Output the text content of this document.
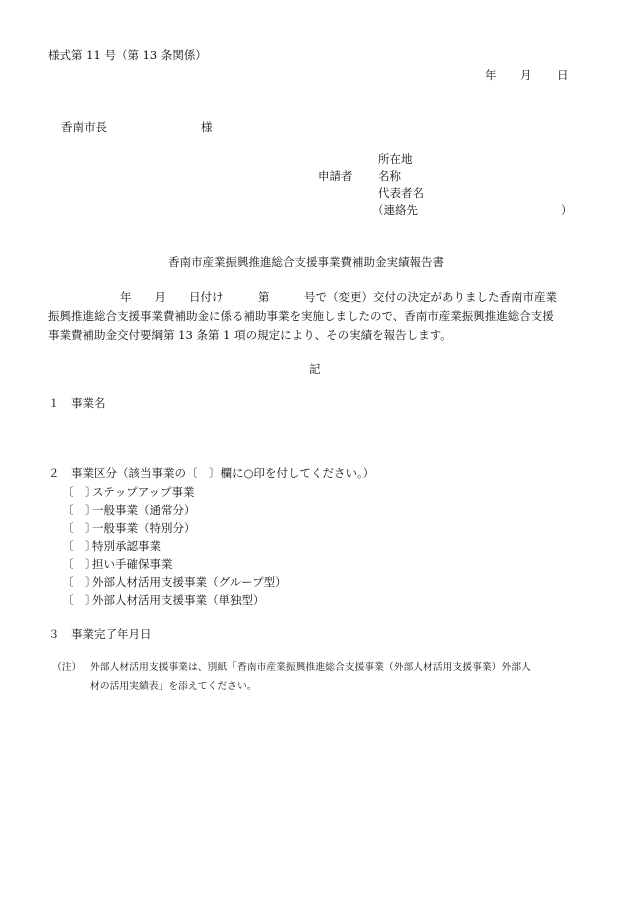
様式第 11 号（第 13 条関係）
年 月 日
香南市長	様
所在地
申請者 名称
代表者名
（連絡先	）
香南市産業振興推進総合支援事業費補助金実績報告書
年　　月　　日付け　　　第　　　号で（変更）交付の決定がありました香南市産業
振興推進総合支援事業費補助金に係る補助事業を実施しましたので、香南市産業振興推進総合支援
事業費補助金交付要綱第 13 条第 1 項の規定により、その実績を報告します。
記
１　事業名
２　事業区分（該当事業の〔　〕欄に○印を付してください。）
〔　〕ステップアップ事業
〔　〕一般事業（通常分）
〔　〕一般事業（特別分）
〔　〕特別承認事業
〔　〕担い手確保事業
〔　〕外部人材活用支援事業（グループ型）
〔　〕外部人材活用支援事業（単独型）
３　事業完了年月日
（注） 外部人材活用支援事業は、別紙「香南市産業振興推進総合支援事業（外部人材活用支援事業）外部人
材の活用実績表」を添えてください。
